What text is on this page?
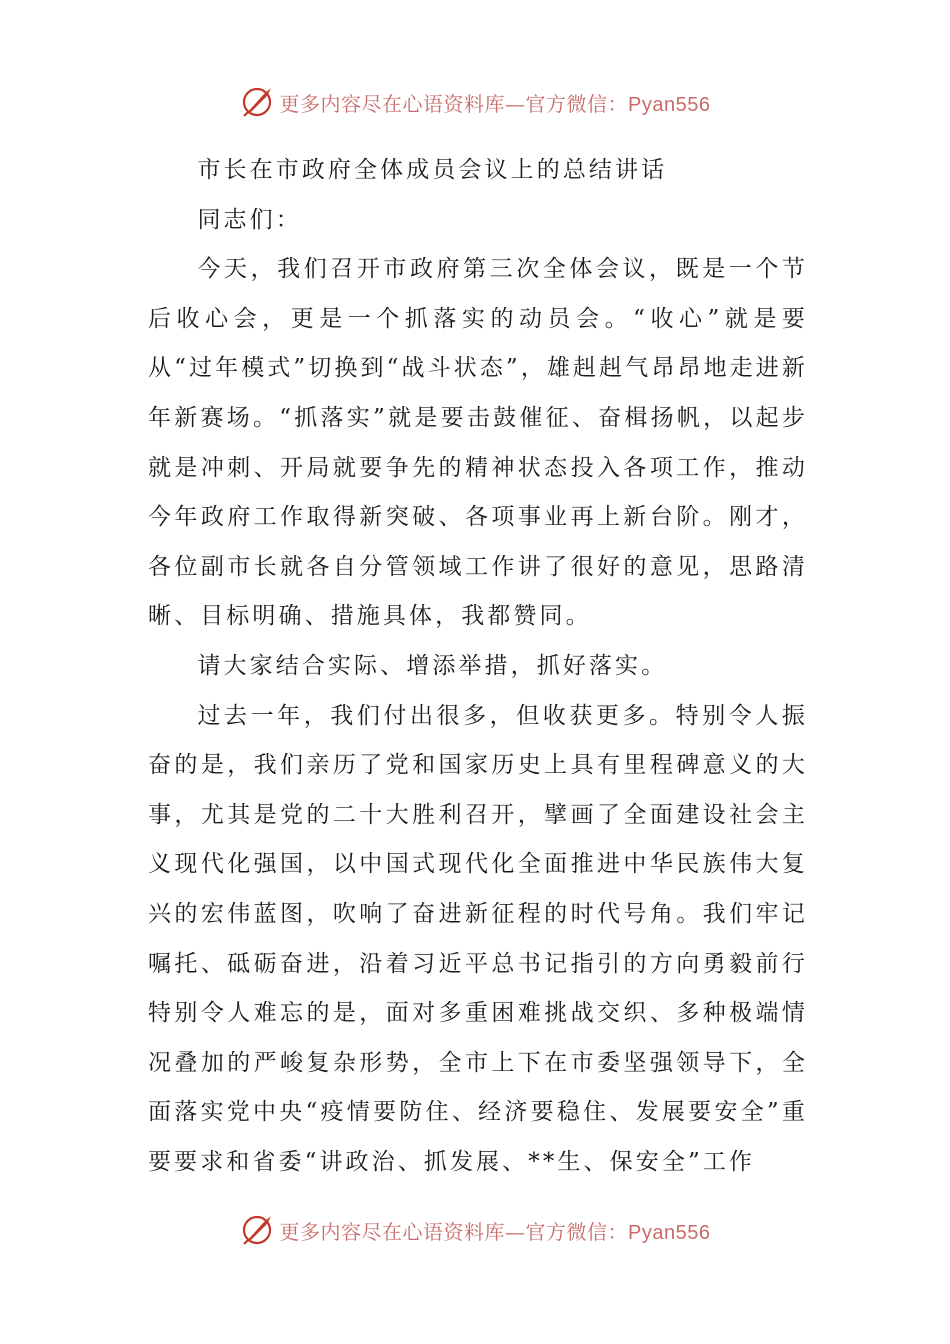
更多内容尽在心语资料库—官方微信：Pyan556

市长在市政府全体成员会议上的总结讲话

同志们：

今天，我们召开市政府第三次全体会议，既是一个节后收心会，更是一个抓落实的动员会。“收心”就是要从“过年模式”切换到“战斗状态”，雄赳赳气昂昂地走进新年新赛场。“抓落实”就是要击鼓催征、奋楫扬帆，以起步就是冲刺、开局就要争先的精神状态投入各项工作，推动今年政府工作取得新突破、各项事业再上新台阶。刚才，各位副市长就各自分管领域工作讲了很好的意见，思路清晰、目标明确、措施具体，我都赞同。

请大家结合实际、增添举措，抓好落实。

过去一年，我们付出很多，但收获更多。特别令人振奋的是，我们亲历了党和国家历史上具有里程碑意义的大事，尤其是党的二十大胜利召开，擘画了全面建设社会主义现代化强国，以中国式现代化全面推进中华民族伟大复兴的宏伟蓝图，吹响了奋进新征程的时代号角。我们牢记嘱托、砥砺奋进，沿着习近平总书记指引的方向勇毅前行特别令人难忘的是，面对多重困难挑战交织、多种极端情况叠加的严峻复杂形势，全市上下在市委坚强领导下，全面落实党中央“疫情要防住、经济要稳住、发展要安全”重要要求和省委“讲政治、抓发展、**生、保安全”工作

更多内容尽在心语资料库—官方微信：Pyan556
